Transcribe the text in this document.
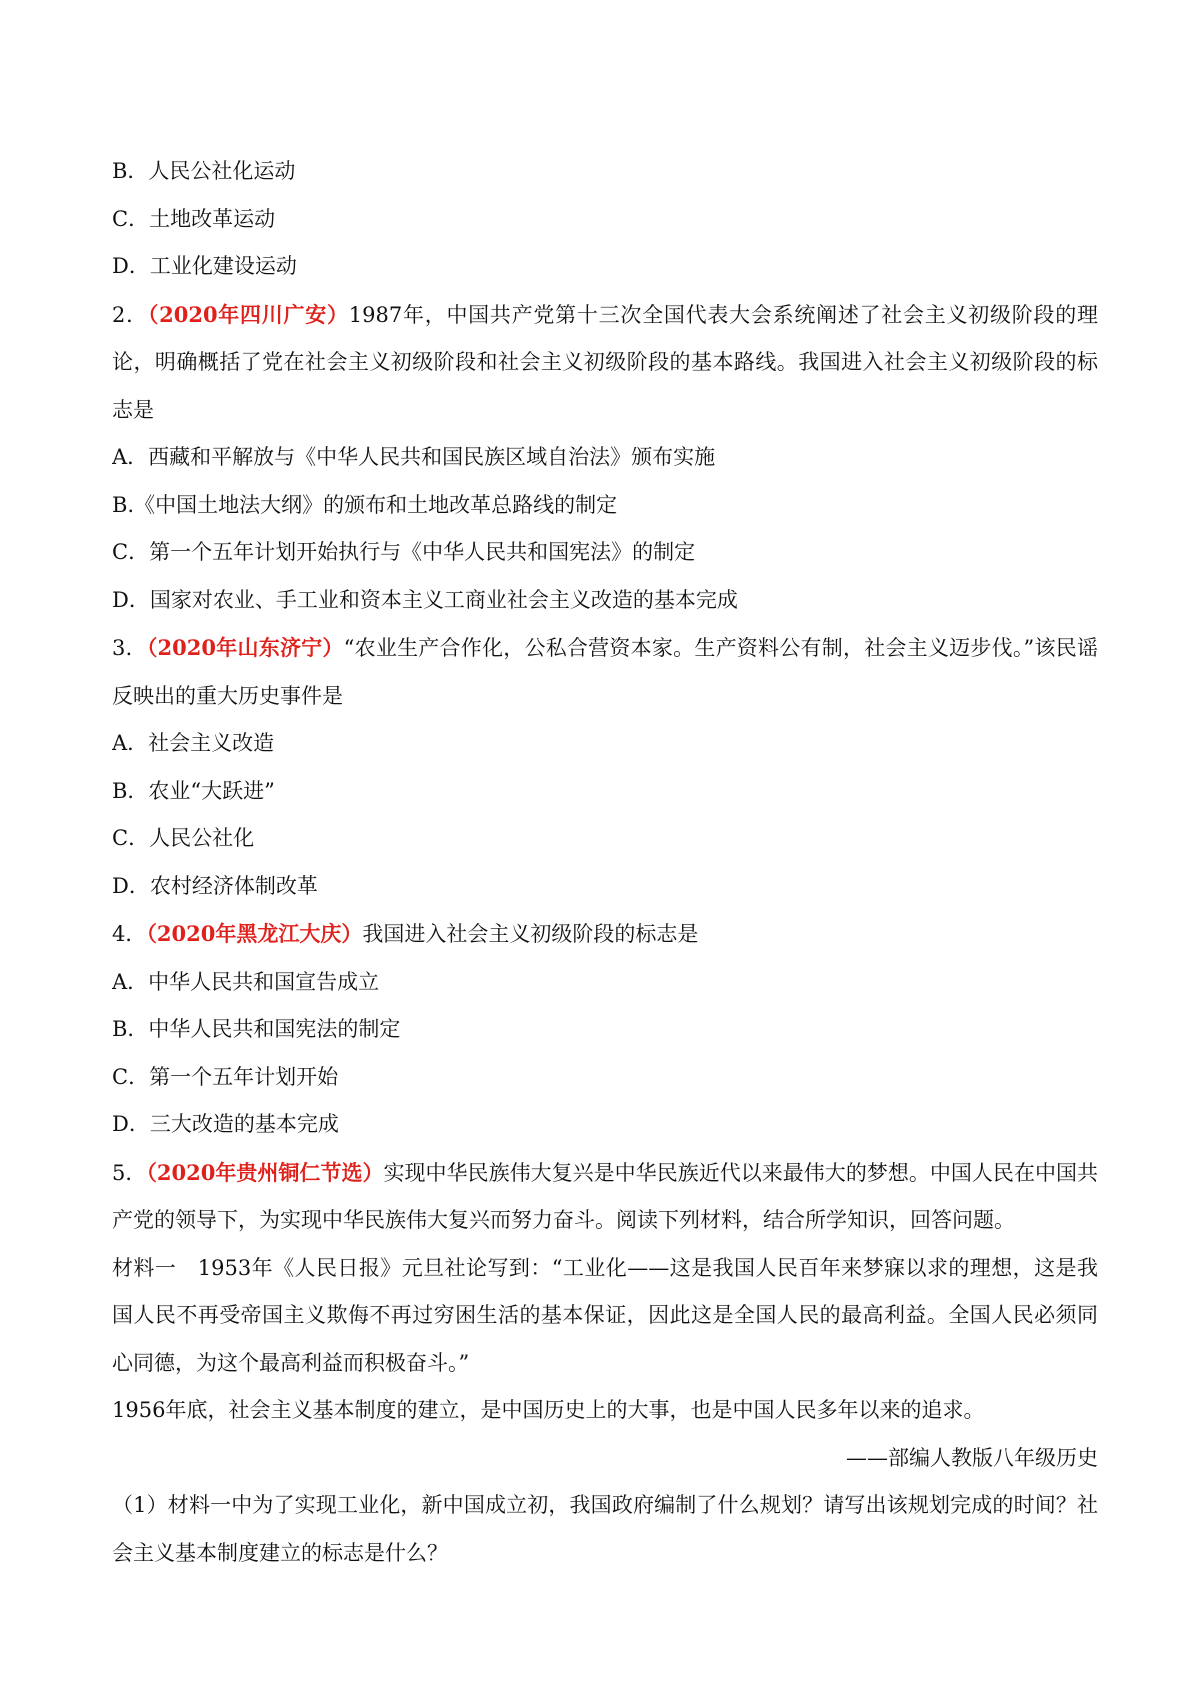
B．人民公社化运动
C．土地改革运动
D．工业化建设运动
2．（2020年四川广安）1987年，中国共产党第十三次全国代表大会系统阐述了社会主义初级阶段的理论，明确概括了党在社会主义初级阶段和社会主义初级阶段的基本路线。我国进入社会主义初级阶段的标志是
A．西藏和平解放与《中华人民共和国民族区域自治法》颁布实施
B.《中国土地法大纲》的颁布和土地改革总路线的制定
C．第一个五年计划开始执行与《中华人民共和国宪法》的制定
D．国家对农业、手工业和资本主义工商业社会主义改造的基本完成
3．（2020年山东济宁）“农业生产合作化，公私合营资本家。生产资料公有制，社会主义迈步伐。”该民谣反映出的重大历史事件是
A．社会主义改造
B．农业“大跃进”
C．人民公社化
D．农村经济体制改革
4．（2020年黑龙江大庆）我国进入社会主义初级阶段的标志是
A．中华人民共和国宣告成立
B．中华人民共和国宪法的制定
C．第一个五年计划开始
D．三大改造的基本完成
5．（2020年贵州铜仁节选）实现中华民族伟大复兴是中华民族近代以来最伟大的梦想。中国人民在中国共产党的领导下，为实现中华民族伟大复兴而努力奋斗。阅读下列材料，结合所学知识，回答问题。
材料一　1953年《人民日报》元旦社论写到：“工业化——这是我国人民百年来梦寐以求的理想，这是我国人民不再受帝国主义欺侮不再过穷困生活的基本保证，因此这是全国人民的最高利益。全国人民必须同心同德，为这个最高利益而积极奋斗。”
1956年底，社会主义基本制度的建立，是中国历史上的大事，也是中国人民多年以来的追求。
——部编人教版八年级历史
（1）材料一中为了实现工业化，新中国成立初，我国政府编制了什么规划？请写出该规划完成的时间？社会主义基本制度建立的标志是什么？
